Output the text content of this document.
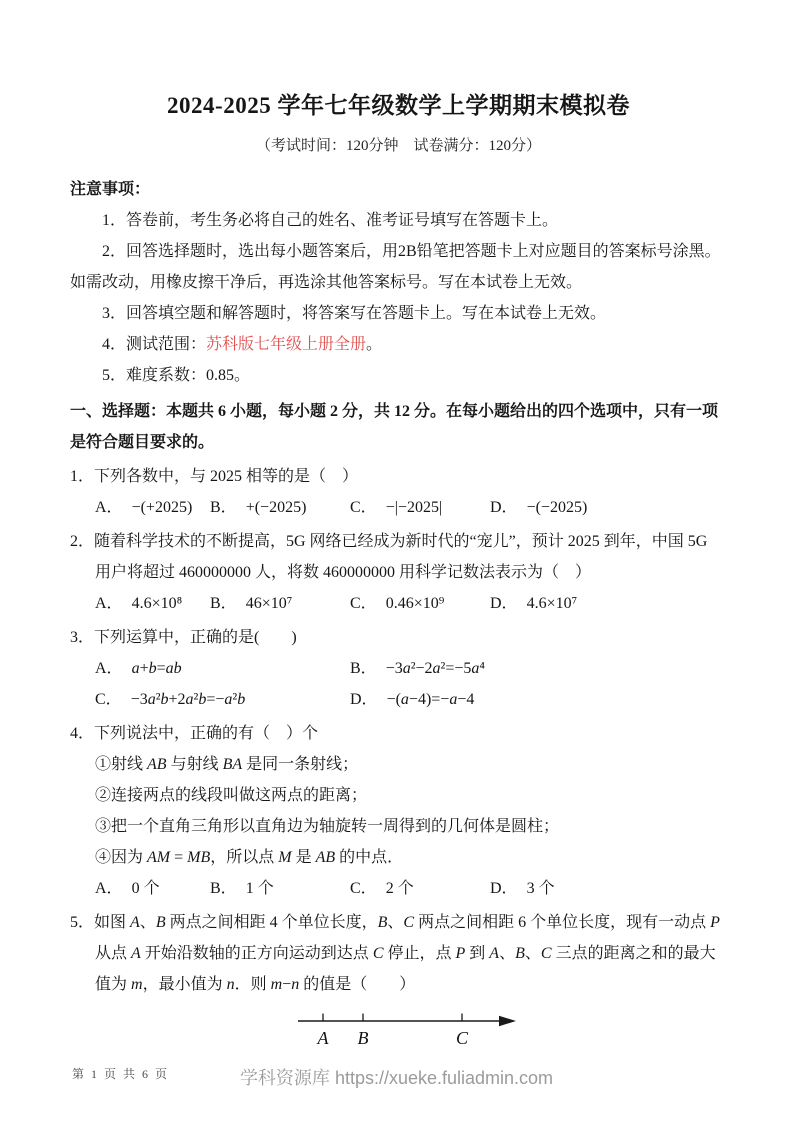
2024-2025 学年七年级数学上学期期末模拟卷

（考试时间：120分钟　试卷满分：120分）

注意事项：

1．答卷前，考生务必将自己的姓名、准考证号填写在答题卡上。

2．回答选择题时，选出每小题答案后，用2B铅笔把答题卡上对应题目的答案标号涂黑。如需改动，用橡皮擦干净后，再选涂其他答案标号。写在本试卷上无效。

3．回答填空题和解答题时，将答案写在答题卡上。写在本试卷上无效。

4．测试范围：苏科版七年级上册全册。

5．难度系数：0.85。

一、选择题：本题共 6 小题，每小题 2 分，共 12 分。在每小题给出的四个选项中，只有一项是符合题目要求的。

1．下列各数中，与 2025 相等的是（　）

A． −(+2025)	B． +(−2025)	C． −|−2025|	D． −(−2025)

2．随着科学技术的不断提高，5G 网络已经成为新时代的“宠儿”，预计 2025 到年，中国 5G 用户将超过 460000000 人，将数 460000000 用科学记数法表示为（　）

A． 4.6×10⁸	B． 46×10⁷	C． 0.46×10⁹	D． 4.6×10⁷

3．下列运算中，正确的是(　　)

A． a+b=ab	B． −3a²−2a²=−5a⁴
C． −3a²b+2a²b=−a²b	D． −(a−4)=−a−4

4．下列说法中，正确的有（　）个

①射线 AB 与射线 BA 是同一条射线；

②连接两点的线段叫做这两点的距离；

③把一个直角三角形以直角边为轴旋转一周得到的几何体是圆柱；

④因为 AM = MB，所以点 M 是 AB 的中点．

A． 0 个	B． 1 个	C． 2 个	D． 3 个

5．如图 A、B 两点之间相距 4 个单位长度，B、C 两点之间相距 6 个单位长度，现有一动点 P 从点 A 开始沿数轴的正方向运动到达点 C 停止，点 P 到 A、B、C 三点的距离之和的最大值为 m，最小值为 n．则 m−n 的值是（　　）

A B	C
第 1 页 共 6 页	学科资源库 https://xueke.fuliadmin.com
